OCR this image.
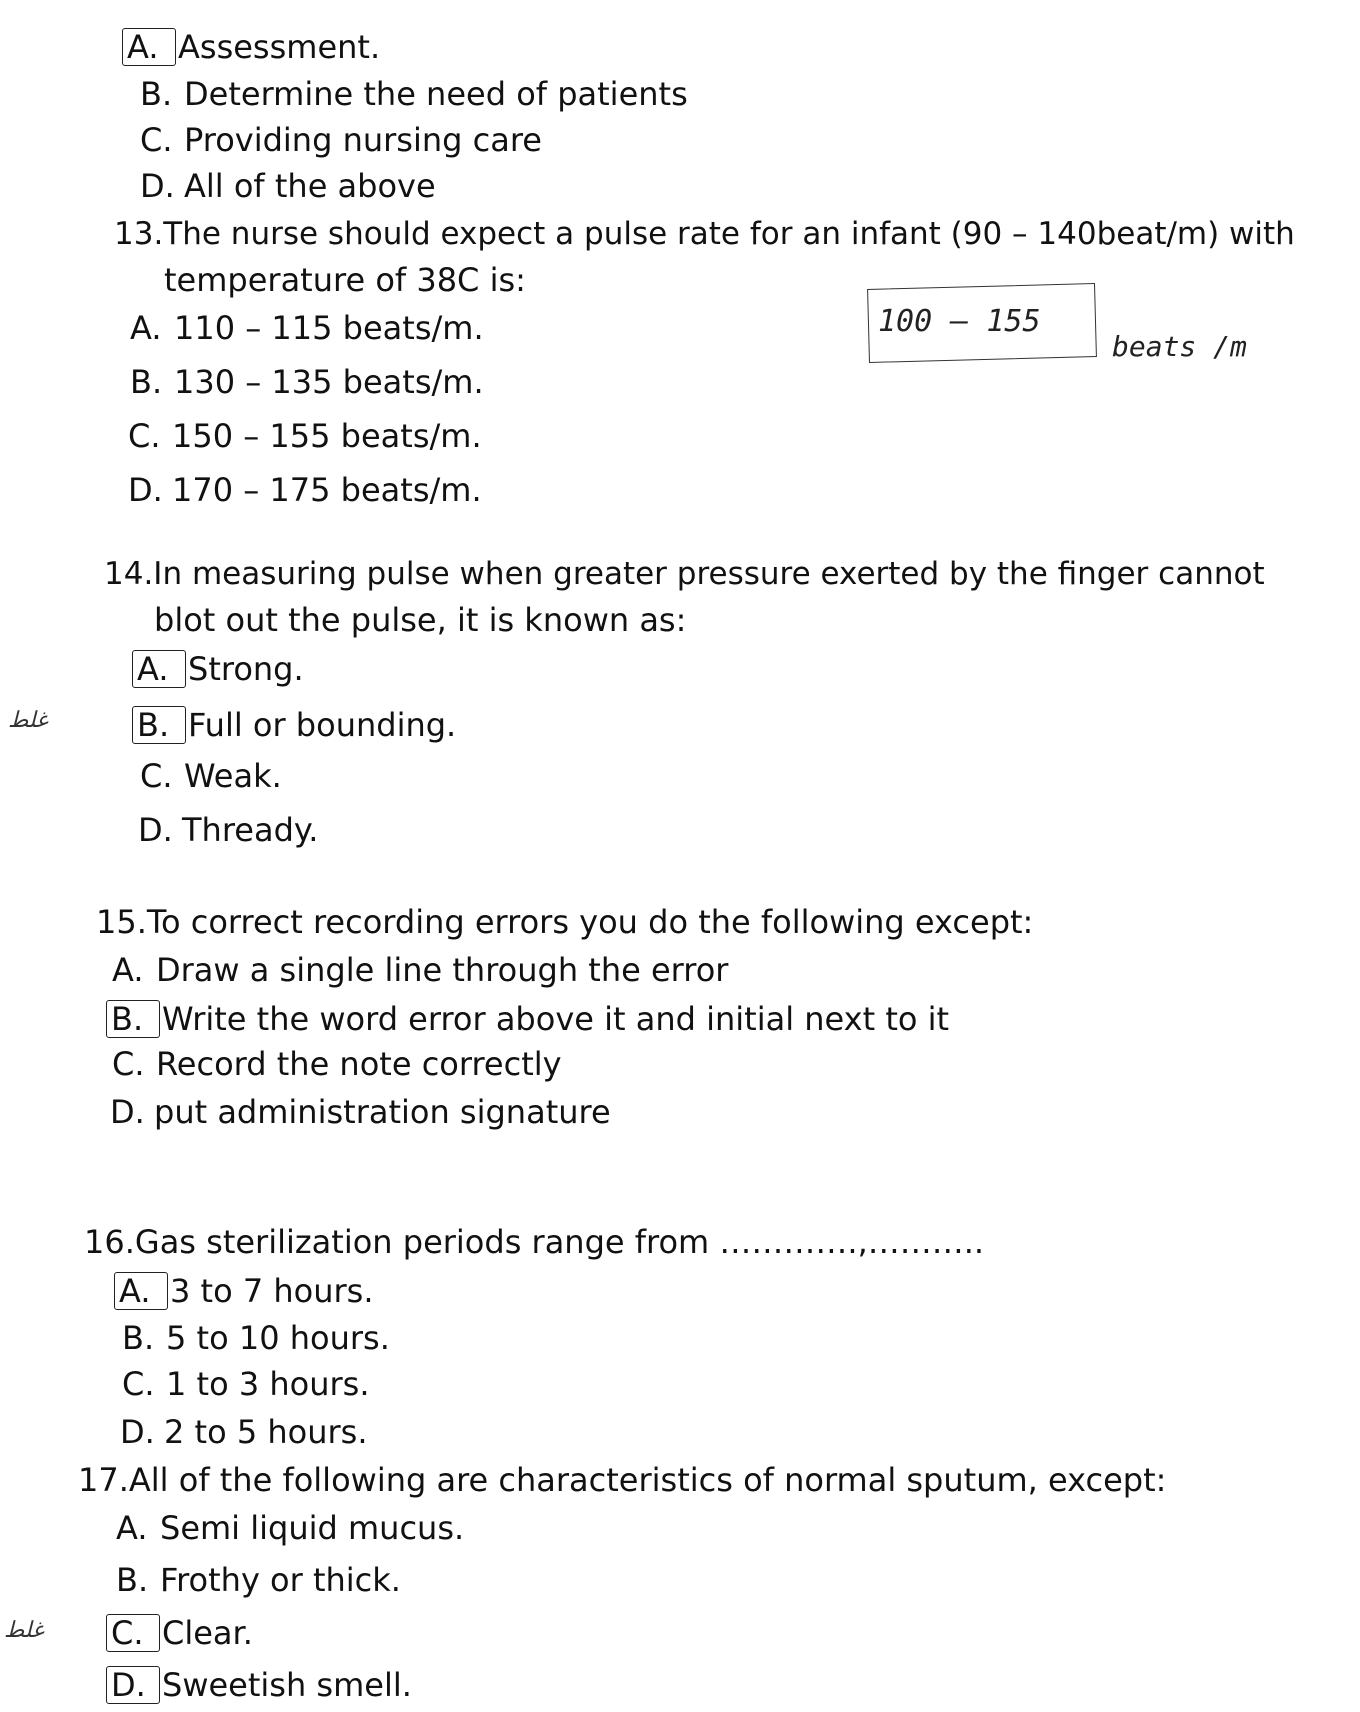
A. Assessment.
B. Determine the need of patients
C. Providing nursing care
D. All of the above
13.The nurse should expect a pulse rate for an infant (90 – 140beat/m) with
temperature of 38C is:
A. 110 – 115 beats/m.
B. 130 – 135 beats/m.
C. 150 – 155 beats/m.
D. 170 – 175 beats/m.
100 – 155
beats /m
14.In measuring pulse when greater pressure exerted by the finger cannot
blot out the pulse, it is known as:
A. Strong.
B. Full or bounding.
C. Weak.
D. Thready.
غلط
15.To correct recording errors you do the following except:
A. Draw a single line through the error
B. Write the word error above it and initial next to it
C. Record the note correctly
D. put administration signature
16.Gas sterilization periods range from ………….,………..
A. 3 to 7 hours.
B. 5 to 10 hours.
C. 1 to 3 hours.
D. 2 to 5 hours.
17.All of the following are characteristics of normal sputum, except:
A. Semi liquid mucus.
B. Frothy or thick.
C. Clear.
D. Sweetish smell.
غلط
